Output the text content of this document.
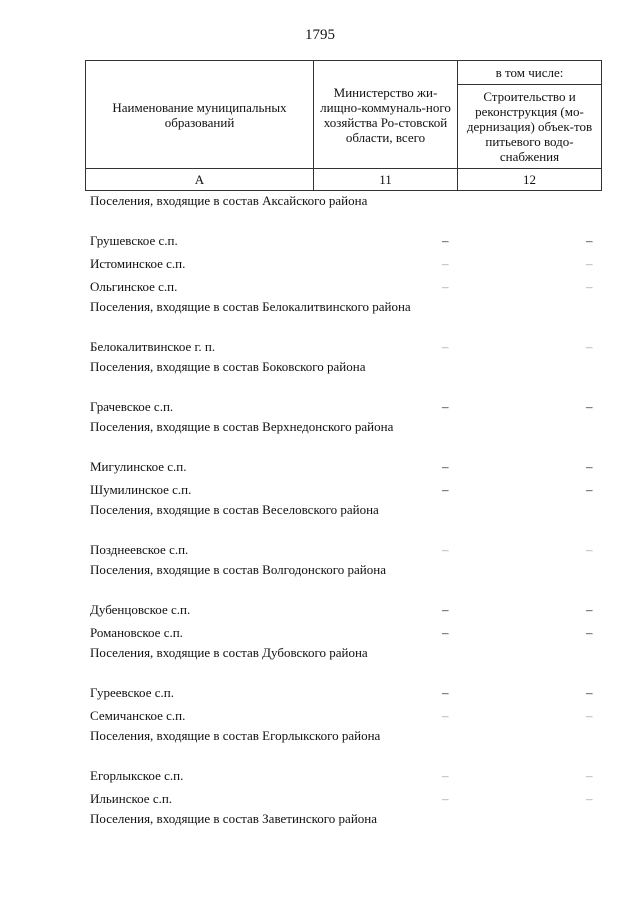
1795
Наименование муниципальных образований	Министерство жи-лищно-коммуналь-ного хозяйства Ро-стовской области, всего	в том числе:
		Строительство и реконструкция (мо-дернизация) объек-тов питьевого водо-снабжения
А	11	12
Поселения, входящие в состав Аксайского района
Грушевское с.п.	–	–
Истоминское с.п.	–	–
Ольгинское с.п.	–	–
Поселения, входящие в состав Белокалитвинского района
Белокалитвинское г. п.	–	–
Поселения, входящие в состав Боковского района
Грачевское с.п.	–	–
Поселения, входящие в состав Верхнедонского района
Мигулинское с.п.	–	–
Шумилинское с.п.	–	–
Поселения, входящие в состав Веселовского района
Позднеевское с.п.	–	–
Поселения, входящие в состав Волгодонского района
Дубенцовское с.п.	–	–
Романовское с.п.	–	–
Поселения, входящие в состав Дубовского района
Гуреевское с.п.	–	–
Семичанское с.п.	–	–
Поселения, входящие в состав Егорлыкского района
Егорлыкское с.п.	–	–
Ильинское с.п.	–	–
Поселения, входящие в состав Заветинского района
